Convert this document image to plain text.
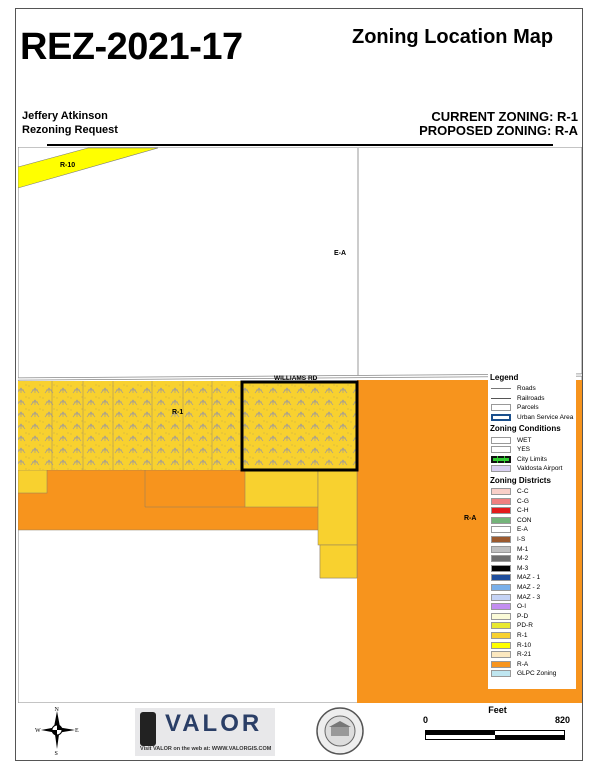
REZ-2021-17	Zoning Location Map
Jeffery Atkinson
Rezoning Request
CURRENT ZONING: R-1
PROPOSED ZONING: R-A
R-10
E-A
WILLIAMS RD
R-1
R-A
Legend
Roads
Railroads
Parcels
Urban Service Area
Zoning Conditions
WET
YES
City Limits
Valdosta Airport
Zoning Districts
C-C
C-G
C-H
CON
E-A
I-S
M-1
M-2
M-3
MAZ - 1
MAZ - 2
MAZ - 3
O-I
P-D
PD-R
R-1
R-10
R-21
R-A
GLPC Zoning
N
S
W	E	VALOR
Visit VALOR on the web at: WWW.VALORGIS.COM
Feet
0	820
